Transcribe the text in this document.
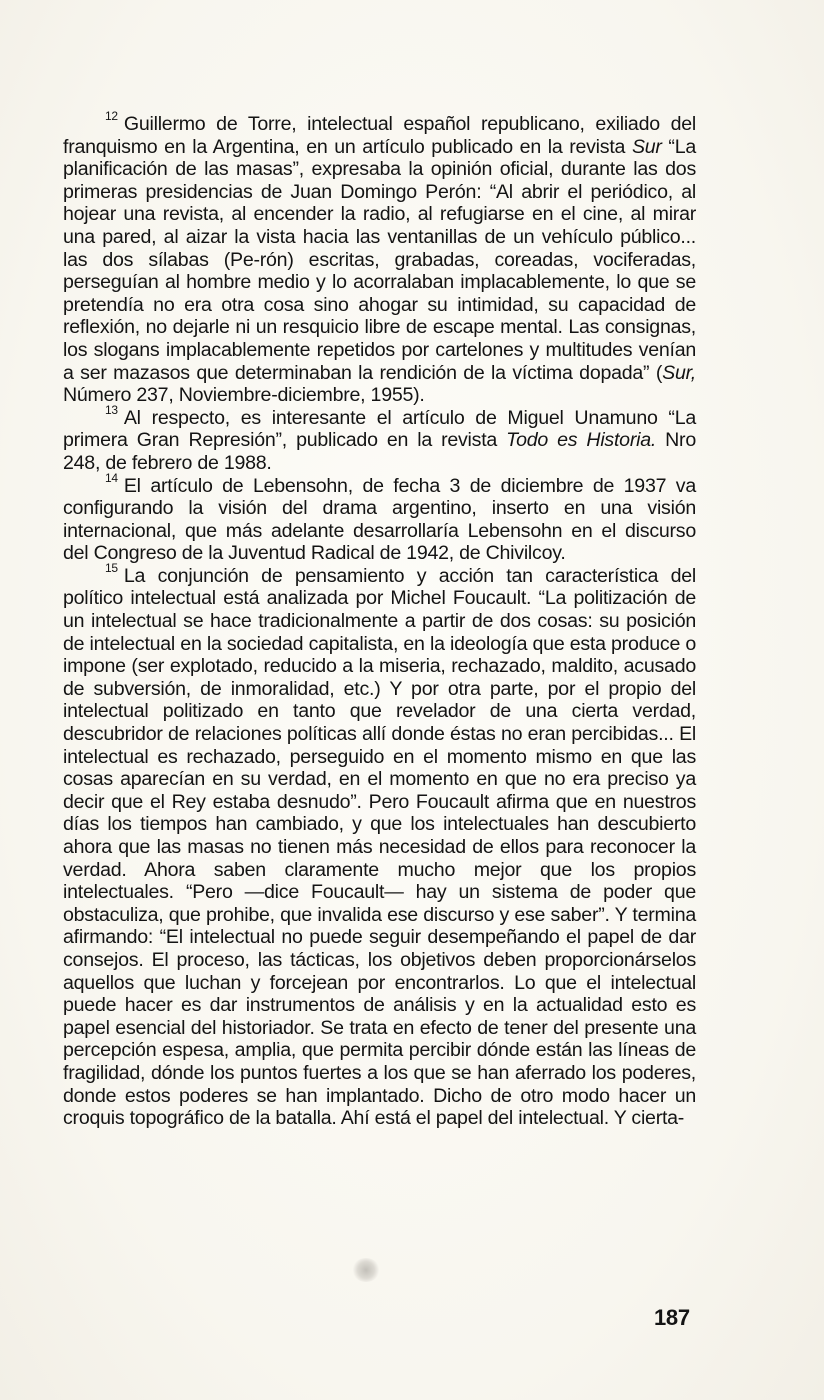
$^{12}$ Guillermo de Torre, intelectual español republicano, exiliado del franquismo en la Argentina, en un artículo publicado en la revista Sur “La planificación de las masas”, expresaba la opinión oficial, durante las dos primeras presidencias de Juan Domingo Perón: “Al abrir el periódico, al hojear una revista, al encender la radio, al refugiarse en el cine, al mirar una pared, al aizar la vista hacia las ventanillas de un vehículo público... las dos sílabas (Pe-rón) escritas, grabadas, coreadas, vociferadas, perseguían al hombre medio y lo acorralaban implacablemente, lo que se pretendía no era otra cosa sino ahogar su intimidad, su capacidad de reflexión, no dejarle ni un resquicio libre de escape mental. Las consignas, los slogans implacablemente repetidos por cartelones y multitudes venían a ser mazasos que determinaban la rendición de la víctima dopada” (Sur, Número 237, Noviembre-diciembre, 1955).

$^{13}$ Al respecto, es interesante el artículo de Miguel Unamuno “La primera Gran Represión”, publicado en la revista Todo es Historia. Nro 248, de febrero de 1988.

$^{14}$ El artículo de Lebensohn, de fecha 3 de diciembre de 1937 va configurando la visión del drama argentino, inserto en una visión internacional, que más adelante desarrollaría Lebensohn en el discurso del Congreso de la Juventud Radical de 1942, de Chivilcoy.

$^{15}$ La conjunción de pensamiento y acción tan característica del político intelectual está analizada por Michel Foucault. “La politización de un intelectual se hace tradicionalmente a partir de dos cosas: su posición de intelectual en la sociedad capitalista, en la ideología que esta produce o impone (ser explotado, reducido a la miseria, rechazado, maldito, acusado de subversión, de inmoralidad, etc.) Y por otra parte, por el propio del intelectual politizado en tanto que revelador de una cierta verdad, descubridor de relaciones políticas allí donde éstas no eran percibidas... El intelectual es rechazado, perseguido en el momento mismo en que las cosas aparecían en su verdad, en el momento en que no era preciso ya decir que el Rey estaba desnudo”. Pero Foucault afirma que en nuestros días los tiempos han cambiado, y que los intelectuales han descubierto ahora que las masas no tienen más necesidad de ellos para reconocer la verdad. Ahora saben claramente mucho mejor que los propios intelectuales. “Pero —dice Foucault— hay un sistema de poder que obstaculiza, que prohibe, que invalida ese discurso y ese saber”. Y termina afirmando: “El intelectual no puede seguir desempeñando el papel de dar consejos. El proceso, las tácticas, los objetivos deben proporcionárselos aquellos que luchan y forcejean por encontrarlos. Lo que el intelectual puede hacer es dar instrumentos de análisis y en la actualidad esto es papel esencial del historiador. Se trata en efecto de tener del presente una percepción espesa, amplia, que permita percibir dónde están las líneas de fragilidad, dónde los puntos fuertes a los que se han aferrado los poderes, donde estos poderes se han implantado. Dicho de otro modo hacer un croquis topográfico de la batalla. Ahí está el papel del intelectual. Y cierta-

187
